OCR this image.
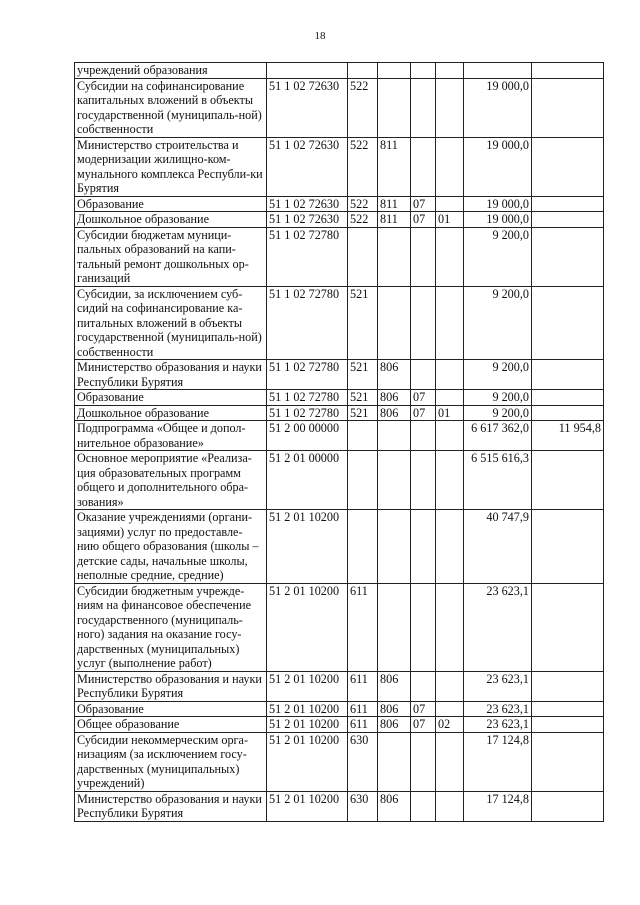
18
учреждений образования							
Субсидии на софинансирование капитальных вложений в объекты государственной (муниципаль-ной) собственности	51 1 02 72630	522				19 000,0	
Министерство строительства и модернизации жилищно-ком-мунального комплекса Республи-ки Бурятия	51 1 02 72630	522	811			19 000,0	
Образование	51 1 02 72630	522	811	07		19 000,0	
Дошкольное образование	51 1 02 72630	522	811	07	01	19 000,0	
Субсидии бюджетам муници-пальных образований на капи-тальный ремонт дошкольных ор-ганизаций	51 1 02 72780					9 200,0	
Субсидии, за исключением суб-сидий на софинансирование ка-питальных вложений в объекты государственной (муниципаль-ной) собственности	51 1 02 72780	521				9 200,0	
Министерство образования и науки Республики Бурятия	51 1 02 72780	521	806			9 200,0	
Образование	51 1 02 72780	521	806	07		9 200,0	
Дошкольное образование	51 1 02 72780	521	806	07	01	9 200,0	
Подпрограмма «Общее и допол-нительное образование»	51 2 00 00000					6 617 362,0	11 954,8
Основное мероприятие «Реализа-ция образовательных программ общего и дополнительного обра-зования»	51 2 01 00000					6 515 616,3	
Оказание учреждениями (органи-зациями) услуг по предоставле-нию общего образования (школы – детские сады, начальные школы, неполные средние, средние)	51 2 01 10200					40 747,9	
Субсидии бюджетным учрежде-ниям на финансовое обеспечение государственного (муниципаль-ного) задания на оказание госу-дарственных (муниципальных) услуг (выполнение работ)	51 2 01 10200	611				23 623,1	
Министерство образования и науки Республики Бурятия	51 2 01 10200	611	806			23 623,1	
Образование	51 2 01 10200	611	806	07		23 623,1	
Общее образование	51 2 01 10200	611	806	07	02	23 623,1	
Субсидии некоммерческим орга-низациям (за исключением госу-дарственных (муниципальных) учреждений)	51 2 01 10200	630				17 124,8	
Министерство образования и науки Республики Бурятия	51 2 01 10200	630	806			17 124,8	
